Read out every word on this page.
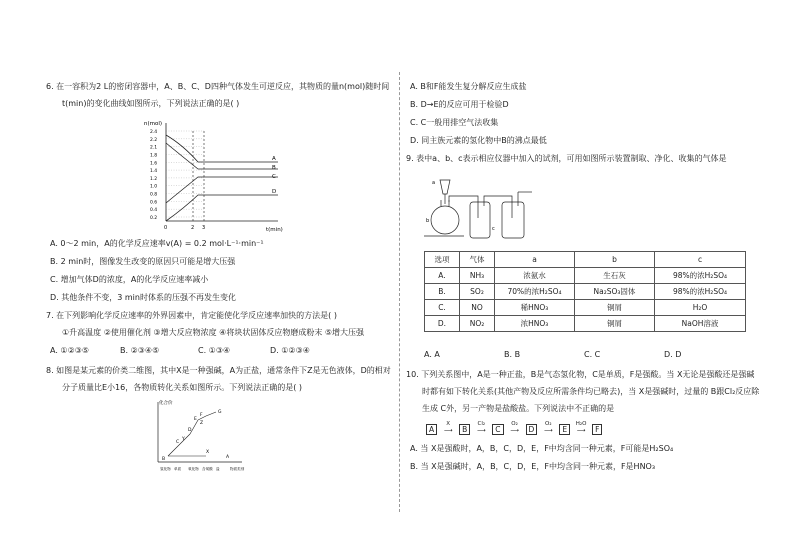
6. 在一容积为2 L的密闭容器中，A、B、C、D四种气体发生可逆反应，其物质的量n(mol)随时间
t(min)的变化曲线如图所示，下列说法正确的是( )
n(mol)
t(min)
2.4
2.2
2.1
1.8
1.6
1.4
1.2
1.0
0.8
0.6
0.4
0.2
0	2 3
A
B
C
D
A. 0～2 min，A的化学反应速率v(A) = 0.2 mol·L⁻¹·min⁻¹
B. 2 min时，图像发生改变的原因只可能是增大压强
C. 增加气体D的浓度，A的化学反应速率减小
D. 其他条件不变，3 min时体系的压强不再发生变化
7. 在下列影响化学反应速率的外界因素中，肯定能使化学反应速率加快的方法是( )
①升高温度 ②使用催化剂 ③增大反应物浓度 ④将块状固体反应物磨成粉末 ⑤增大压强
A. ①②③⑤	B. ②③④⑤	C. ①③④	D. ①②③④
8. 如图是某元素的价类二维图，其中X是一种强碱，A为正盐，通常条件下Z是无色液体，D的相对
分子质量比E小16，各物质转化关系如图所示。下列说法正确的是( )
化合价
氢化物 单质 氧化物 含氧酸 盐	物质类别
A
B
C
D
E
F
G
X
Y
Z
A. B和F能发生复分解反应生成盐
B. D→E的反应可用于检验D
C. C一般用排空气法收集
D. 同主族元素的氢化物中B的沸点最低
9. 表中a、b、c表示相应仪器中加入的试剂，可用如图所示装置制取、净化、收集的气体是
a
b
c
选项	气体	a	b	c
A.	NH₃	浓氨水	生石灰	98%的浓H₂SO₄
B.	SO₂	70%的浓H₂SO₄	Na₂SO₃固体	98%的浓H₂SO₄
C.	NO	稀HNO₃	铜屑	H₂O
D.	NO₂	浓HNO₃	铜屑	NaOH溶液
A. A	B. B	C. C	D. D
10. 下列关系图中，A是一种正盐，B是气态氢化物，C是单质，F是强酸。当 X无论是强酸还是强碱
时都有如下转化关系(其他产物及反应所需条件均已略去)，当 X是强碱时，过量的 B跟Cl₂反应除
生成 C外，另一产物是盐酸盐。下列说法中不正确的是
A
X
⟶ B
Cl₂
⟶ C
O₂
⟶ D
O₂
⟶ E
H₂O
⟶ F
A. 当 X是强酸时，A，B，C，D，E，F中均含同一种元素，F可能是H₂SO₄
B. 当 X是强碱时，A，B，C，D，E，F中均含同一种元素，F是HNO₃
